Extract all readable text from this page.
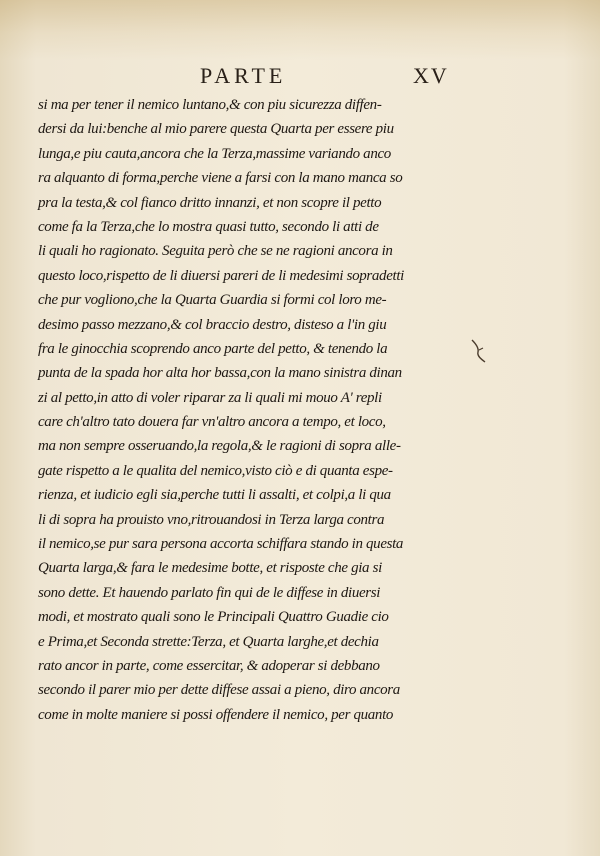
PARTE	XV
si ma per tener il nemico luntano,& con piu sicurezza diffen-
dersi da lui:benche al mio parere questa Quarta per essere piu
lunga,e piu cauta,ancora che la Terza,massime variando anco
ra alquanto di forma,perche viene a farsi con la mano manca so
pra la testa,& col fianco dritto innanzi, et non scopre il petto
come fa la Terza,che lo mostra quasi tutto, secondo li atti de
li quali ho ragionato. Seguita però che se ne ragioni ancora in
questo loco,rispetto de li diuersi pareri de li medesimi sopradetti
che pur vogliono,che la Quarta Guardia si formi col loro me-
desimo passo mezzano,& col braccio destro, disteso a l'in giu
fra le ginocchia scoprendo anco parte del petto, & tenendo la
punta de la spada hor alta hor bassa,con la mano sinistra dinan
zi al petto,in atto di voler riparar za li quali mi mouo A' repli
care ch'altro tato douera far vn'altro ancora a tempo, et loco,
ma non sempre osseruando,la regola,& le ragioni di sopra alle-
gate rispetto a le qualita del nemico,visto ciò e di quanta espe-
rienza, et iudicio egli sia,perche tutti li assalti, et colpi,a li qua
li di sopra ha prouisto vno,ritrouandosi in Terza larga contra
il nemico,se pur sara persona accorta schiffara stando in questa
Quarta larga,& fara le medesime botte, et risposte che gia si
sono dette. Et hauendo parlato fin qui de le diffese in diuersi
modi, et mostrato quali sono le Principali Quattro Guadie cio
e Prima,et Seconda strette:Terza, et Quarta larghe,et dechia
rato ancor in parte, come essercitar, & adoperar si debbano
secondo il parer mio per dette diffese assai a pieno, diro ancora
come in molte maniere si possi offendere il nemico, per quanto
